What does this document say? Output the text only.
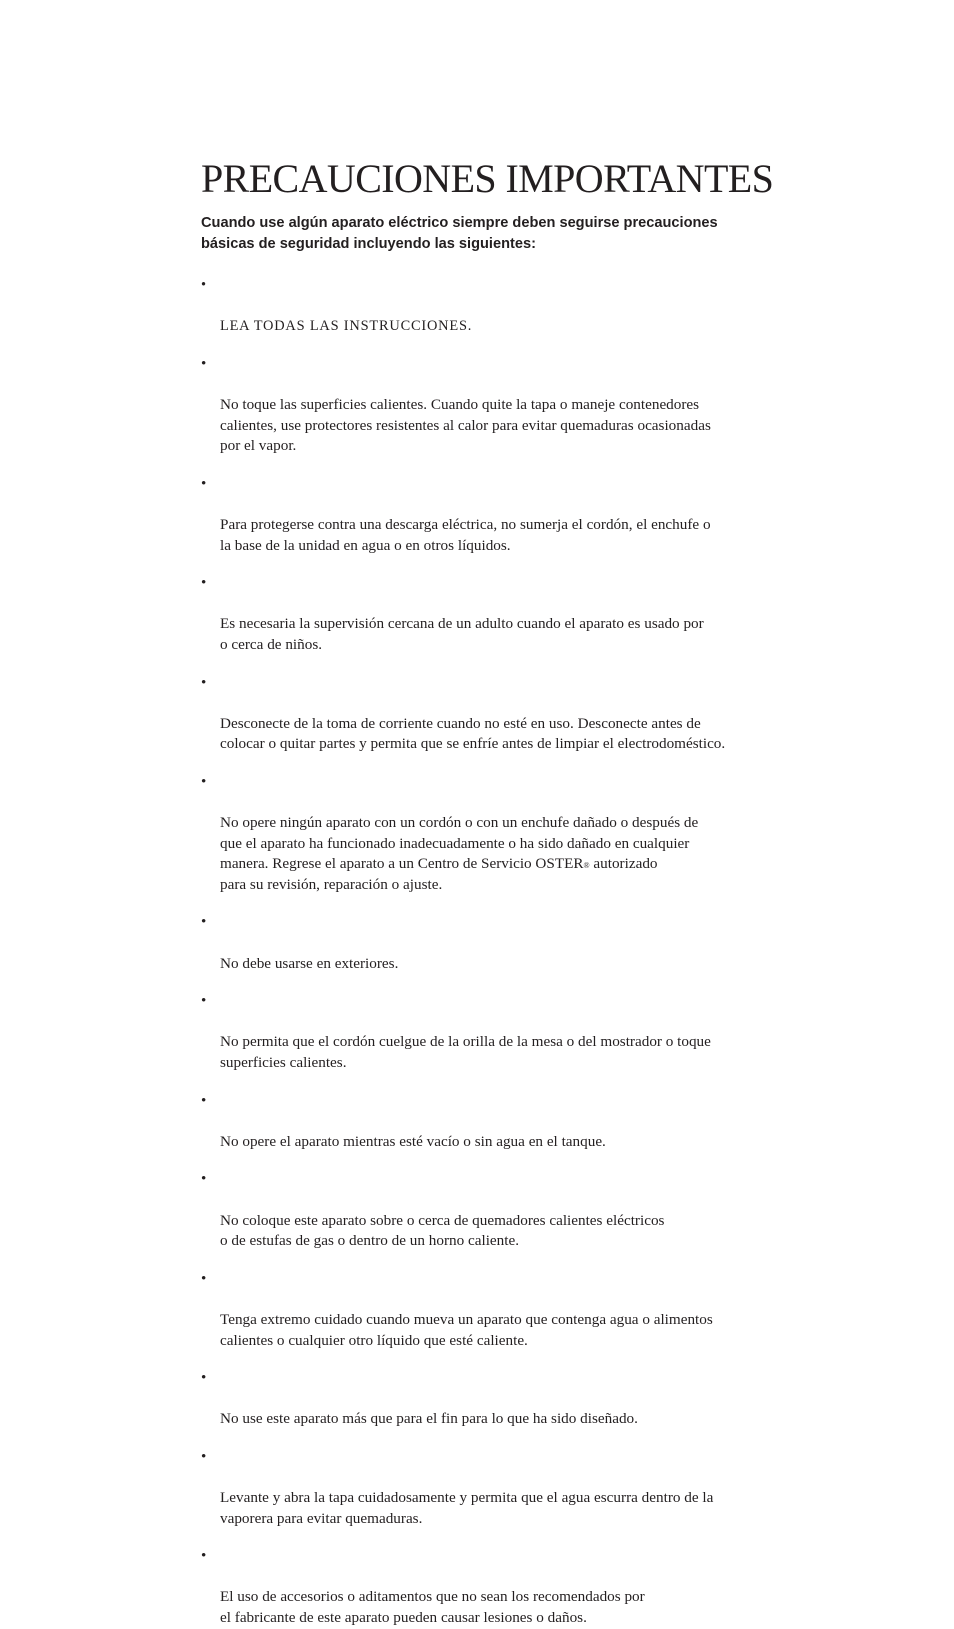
PRECAUCIONES IMPORTANTES

Cuando use algún aparato eléctrico siempre deben seguirse precauciones
básicas de seguridad incluyendo las siguientes:

•

LEA TODAS LAS INSTRUCCIONES.

•

No toque las superficies calientes. Cuando quite la tapa o maneje contenedores
calientes, use protectores resistentes al calor para evitar quemaduras ocasionadas
por el vapor.

•

Para protegerse contra una descarga eléctrica, no sumerja el cordón, el enchufe o
la base de la unidad en agua o en otros líquidos.

•

Es necesaria la supervisión cercana de un adulto cuando el aparato es usado por
o cerca de niños.

•

Desconecte de la toma de corriente cuando no esté en uso. Desconecte antes de
colocar o quitar partes y permita que se enfríe antes de limpiar el electrodoméstico.

•

No opere ningún aparato con un cordón o con un enchufe dañado o después de
que el aparato ha funcionado inadecuadamente o ha sido dañado en cualquier
manera. Regrese el aparato a un Centro de Servicio OSTER® autorizado
para su revisión, reparación o ajuste.

•

No debe usarse en exteriores.

•

No permita que el cordón cuelgue de la orilla de la mesa o del mostrador o toque
superficies calientes.

•

No opere el aparato mientras esté vacío o sin agua en el tanque.

•

No coloque este aparato sobre o cerca de quemadores calientes eléctricos
o de estufas de gas o dentro de un horno caliente.

•

Tenga extremo cuidado cuando mueva un aparato que contenga agua o alimentos
calientes o cualquier otro líquido que esté caliente.

•

No use este aparato más que para el fin para lo que ha sido diseñado.

•

Levante y abra la tapa cuidadosamente y permita que el agua escurra dentro de la
vaporera para evitar quemaduras.

•

El uso de accesorios o aditamentos que no sean los recomendados por
el fabricante de este aparato pueden causar lesiones o daños.
